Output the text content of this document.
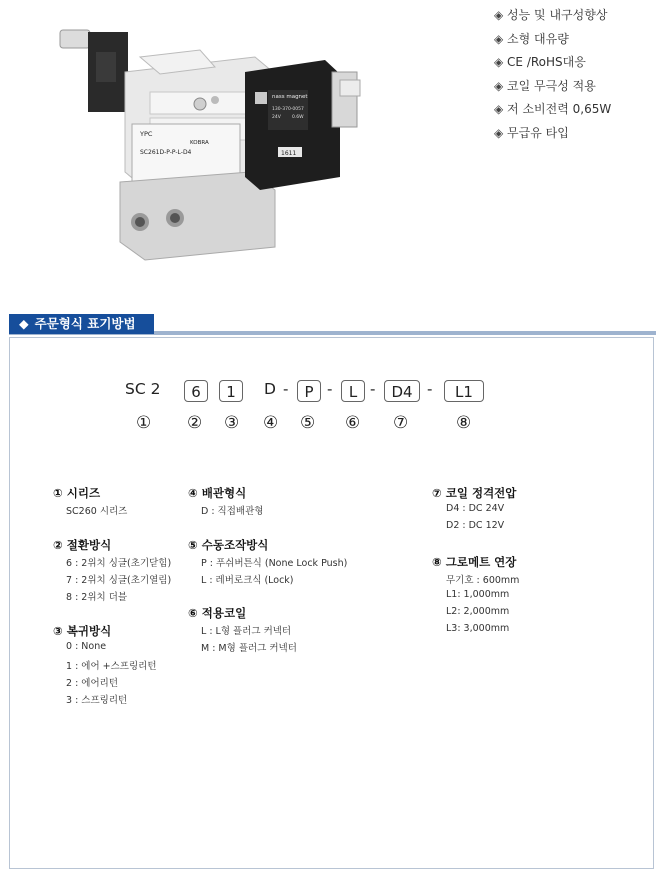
YPC
KOBRA
SC261D-P-P-L-D4
nass magnet
130-370-0057
24V 0.6W
1611
◈ 성능 및 내구성향상
◈ 소형 대유량
◈ CE /RoHS대응
◈ 코일 무극성 적용
◈ 저 소비전력 0,65W
◈ 무급유 타입
◆ 주문형식 표기방법
SC 2	6	1	D -	P -	L -	D4 -	L1
① ② ③ ④ ⑤ ⑥ ⑦	⑧
① 시리즈
SC260 시리즈
② 절환방식
6 : 2위치 싱글(초기닫힘)
7 : 2위치 싱글(초기열림)
8 : 2위치 더블
③ 복귀방식
0 : None
1 : 에어 +스프링리턴
2 : 에어리턴
3 : 스프링리턴
④ 배관형식
D : 직접배관형
⑤ 수동조작방식
P : 푸쉬버튼식 (None Lock Push)
L : 레버로크식 (Lock)
⑥ 적용코일
L : L형 플러그 커넥터
M : M형 플러그 커넥터
⑦ 코일 정격전압
D4 : DC 24V
D2 : DC 12V
⑧ 그로메트 연장
무기호 : 600mm
L1: 1,000mm
L2: 2,000mm
L3: 3,000mm
